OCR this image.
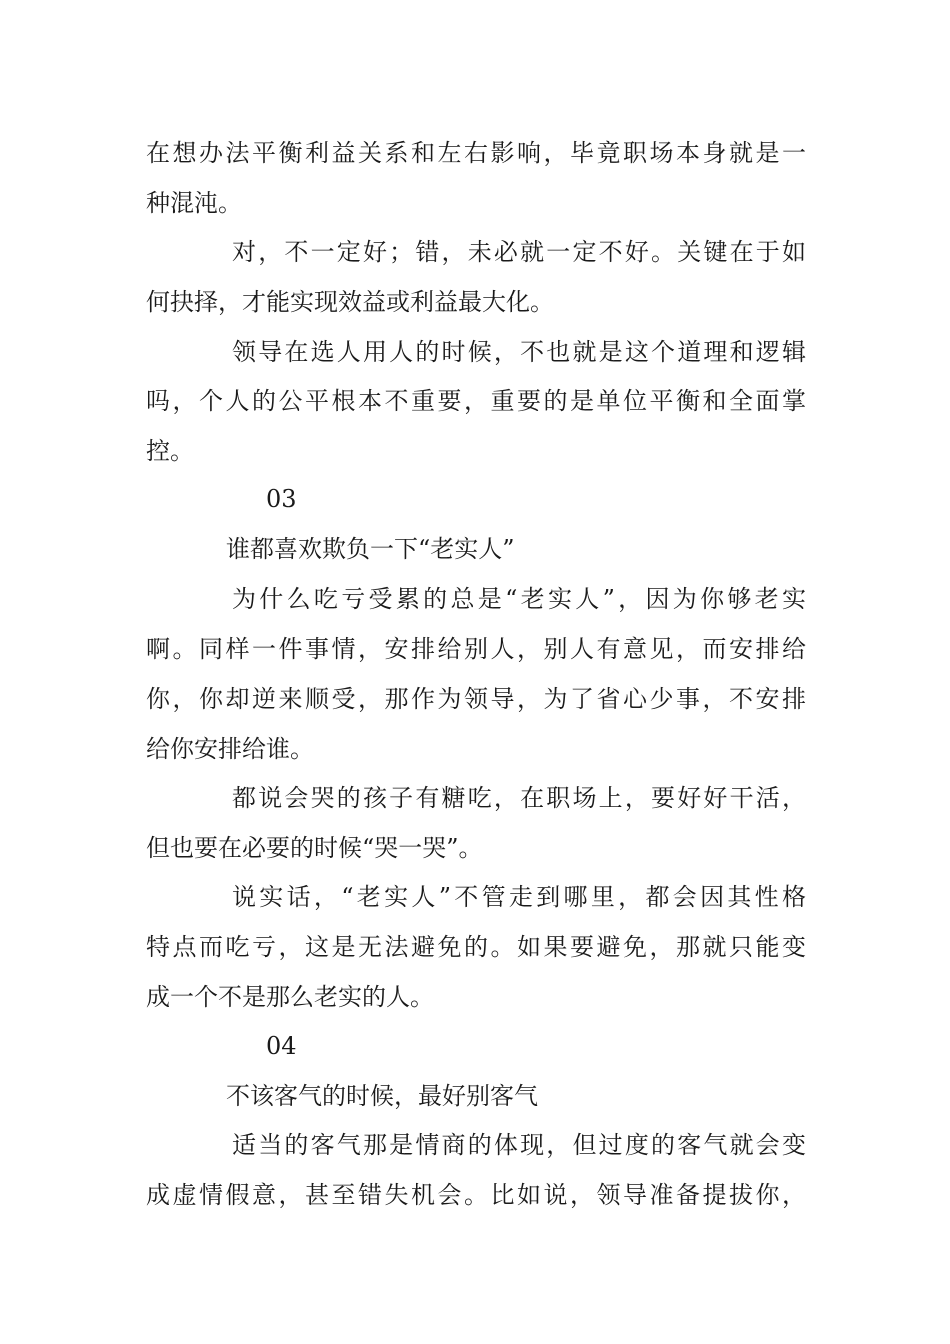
在想办法平衡利益关系和左右影响，毕竟职场本身就是一
种混沌。
对，不一定好；错，未必就一定不好。关键在于如
何抉择，才能实现效益或利益最大化。
领导在选人用人的时候，不也就是这个道理和逻辑
吗，个人的公平根本不重要，重要的是单位平衡和全面掌
控。
03
谁都喜欢欺负一下“老实人”
为什么吃亏受累的总是“老实人”，因为你够老实
啊。同样一件事情，安排给别人，别人有意见，而安排给
你，你却逆来顺受，那作为领导，为了省心少事，不安排
给你安排给谁。
都说会哭的孩子有糖吃，在职场上，要好好干活，
但也要在必要的时候“哭一哭”。
说实话，“老实人”不管走到哪里，都会因其性格
特点而吃亏，这是无法避免的。如果要避免，那就只能变
成一个不是那么老实的人。
04
不该客气的时候，最好别客气
适当的客气那是情商的体现，但过度的客气就会变
成虚情假意，甚至错失机会。比如说，领导准备提拔你，
